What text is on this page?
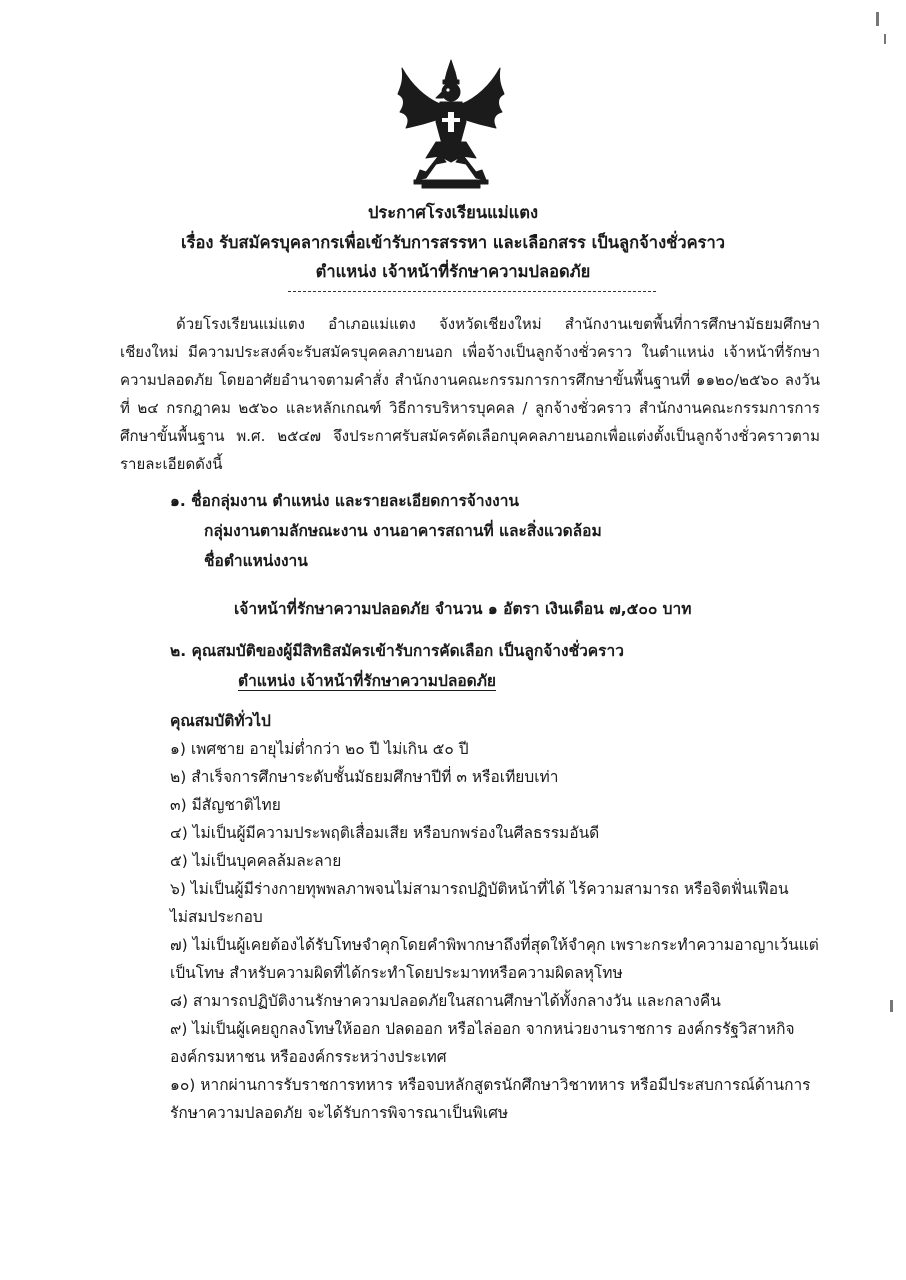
ประกาศโรงเรียนแม่แตง
เรื่อง รับสมัครบุคลากรเพื่อเข้ารับการสรรหา และเลือกสรร เป็นลูกจ้างชั่วคราว
ตำแหน่ง เจ้าหน้าที่รักษาความปลอดภัย
ด้วยโรงเรียนแม่แตง อำเภอแม่แตง จังหวัดเชียงใหม่ สำนักงานเขตพื้นที่การศึกษามัธยมศึกษาเชียงใหม่ มีความประสงค์จะรับสมัครบุคคลภายนอก เพื่อจ้างเป็นลูกจ้างชั่วคราว ในตำแหน่ง เจ้าหน้าที่รักษาความปลอดภัย โดยอาศัยอำนาจตามคำสั่ง สำนักงานคณะกรรมการการศึกษาขั้นพื้นฐานที่ ๑๑๒๐/๒๕๖๐ ลงวันที่ ๒๔ กรกฎาคม ๒๕๖๐ และหลักเกณฑ์ วิธีการบริหารบุคคล / ลูกจ้างชั่วคราว สำนักงานคณะกรรมการการศึกษาขั้นพื้นฐาน พ.ศ. ๒๕๔๗ จึงประกาศรับสมัครคัดเลือกบุคคลภายนอกเพื่อแต่งตั้งเป็นลูกจ้างชั่วคราวตามรายละเอียดดังนี้
๑. ชื่อกลุ่มงาน ตำแหน่ง และรายละเอียดการจ้างงาน
กลุ่มงานตามลักษณะงาน งานอาคารสถานที่ และสิ่งแวดล้อม
ชื่อตำแหน่งงาน
เจ้าหน้าที่รักษาความปลอดภัย จำนวน ๑ อัตรา เงินเดือน ๗,๕๐๐ บาท
๒. คุณสมบัติของผู้มีสิทธิสมัครเข้ารับการคัดเลือก เป็นลูกจ้างชั่วคราว
ตำแหน่ง เจ้าหน้าที่รักษาความปลอดภัย
คุณสมบัติทั่วไป
๑) เพศชาย อายุไม่ต่ำกว่า ๒๐ ปี ไม่เกิน ๕๐ ปี
๒) สำเร็จการศึกษาระดับชั้นมัธยมศึกษาปีที่ ๓ หรือเทียบเท่า
๓) มีสัญชาติไทย
๔) ไม่เป็นผู้มีความประพฤติเสื่อมเสีย หรือบกพร่องในศีลธรรมอันดี
๕) ไม่เป็นบุคคลล้มละลาย
๖) ไม่เป็นผู้มีร่างกายทุพพลภาพจนไม่สามารถปฏิบัติหน้าที่ได้ ไร้ความสามารถ หรือจิตฟั่นเฟือน
ไม่สมประกอบ
๗) ไม่เป็นผู้เคยต้องได้รับโทษจำคุกโดยคำพิพากษาถึงที่สุดให้จำคุก เพราะกระทำความอาญาเว้นแต่
เป็นโทษ สำหรับความผิดที่ได้กระทำโดยประมาทหรือความผิดลหุโทษ
๘) สามารถปฏิบัติงานรักษาความปลอดภัยในสถานศึกษาได้ทั้งกลางวัน และกลางคืน
๙) ไม่เป็นผู้เคยถูกลงโทษให้ออก ปลดออก หรือไล่ออก จากหน่วยงานราชการ องค์กรรัฐวิสาหกิจ
องค์กรมหาชน หรือองค์กรระหว่างประเทศ
๑๐) หากผ่านการรับราชการทหาร หรือจบหลักสูตรนักศึกษาวิชาทหาร หรือมีประสบการณ์ด้านการ
รักษาความปลอดภัย จะได้รับการพิจารณาเป็นพิเศษ
